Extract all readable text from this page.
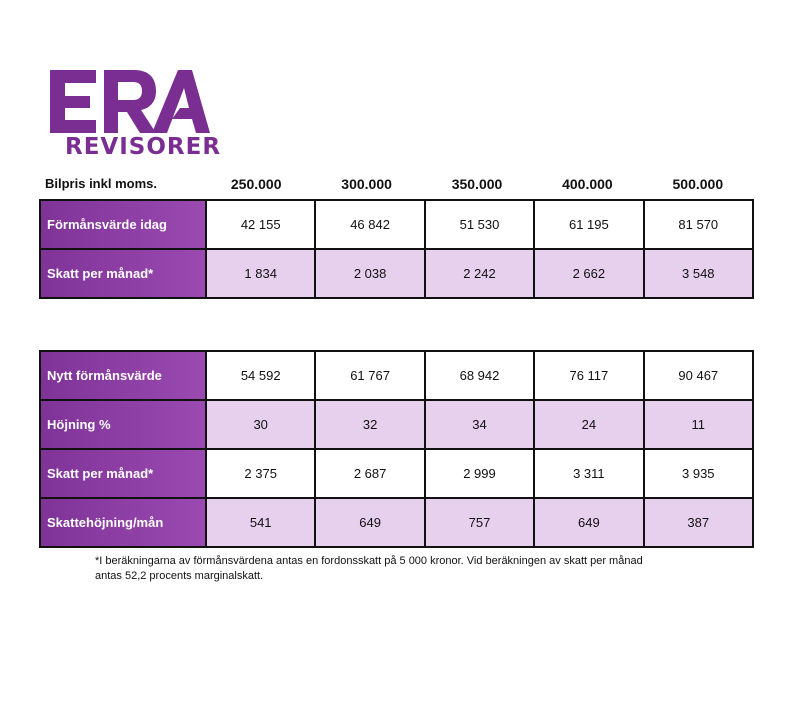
REVISORER
Bilpris inkl moms.	250.000	300.000	350.000	400.000	500.000
Förmånsvärde idag	42 155	46 842	51 530	61 195	81 570
Skatt per månad*	1 834	2 038	2 242	2 662	3 548
Nytt förmånsvärde	54 592	61 767	68 942	76 117	90 467
Höjning %	30	32	34	24	11
Skatt per månad*	2 375	2 687	2 999	3 311	3 935
Skattehöjning/mån	541	649	757	649	387
*I beräkningarna av förmånsvärdena antas en fordonsskatt på 5 000 kronor. Vid beräkningen av skatt per månad
antas 52,2 procents marginalskatt.
